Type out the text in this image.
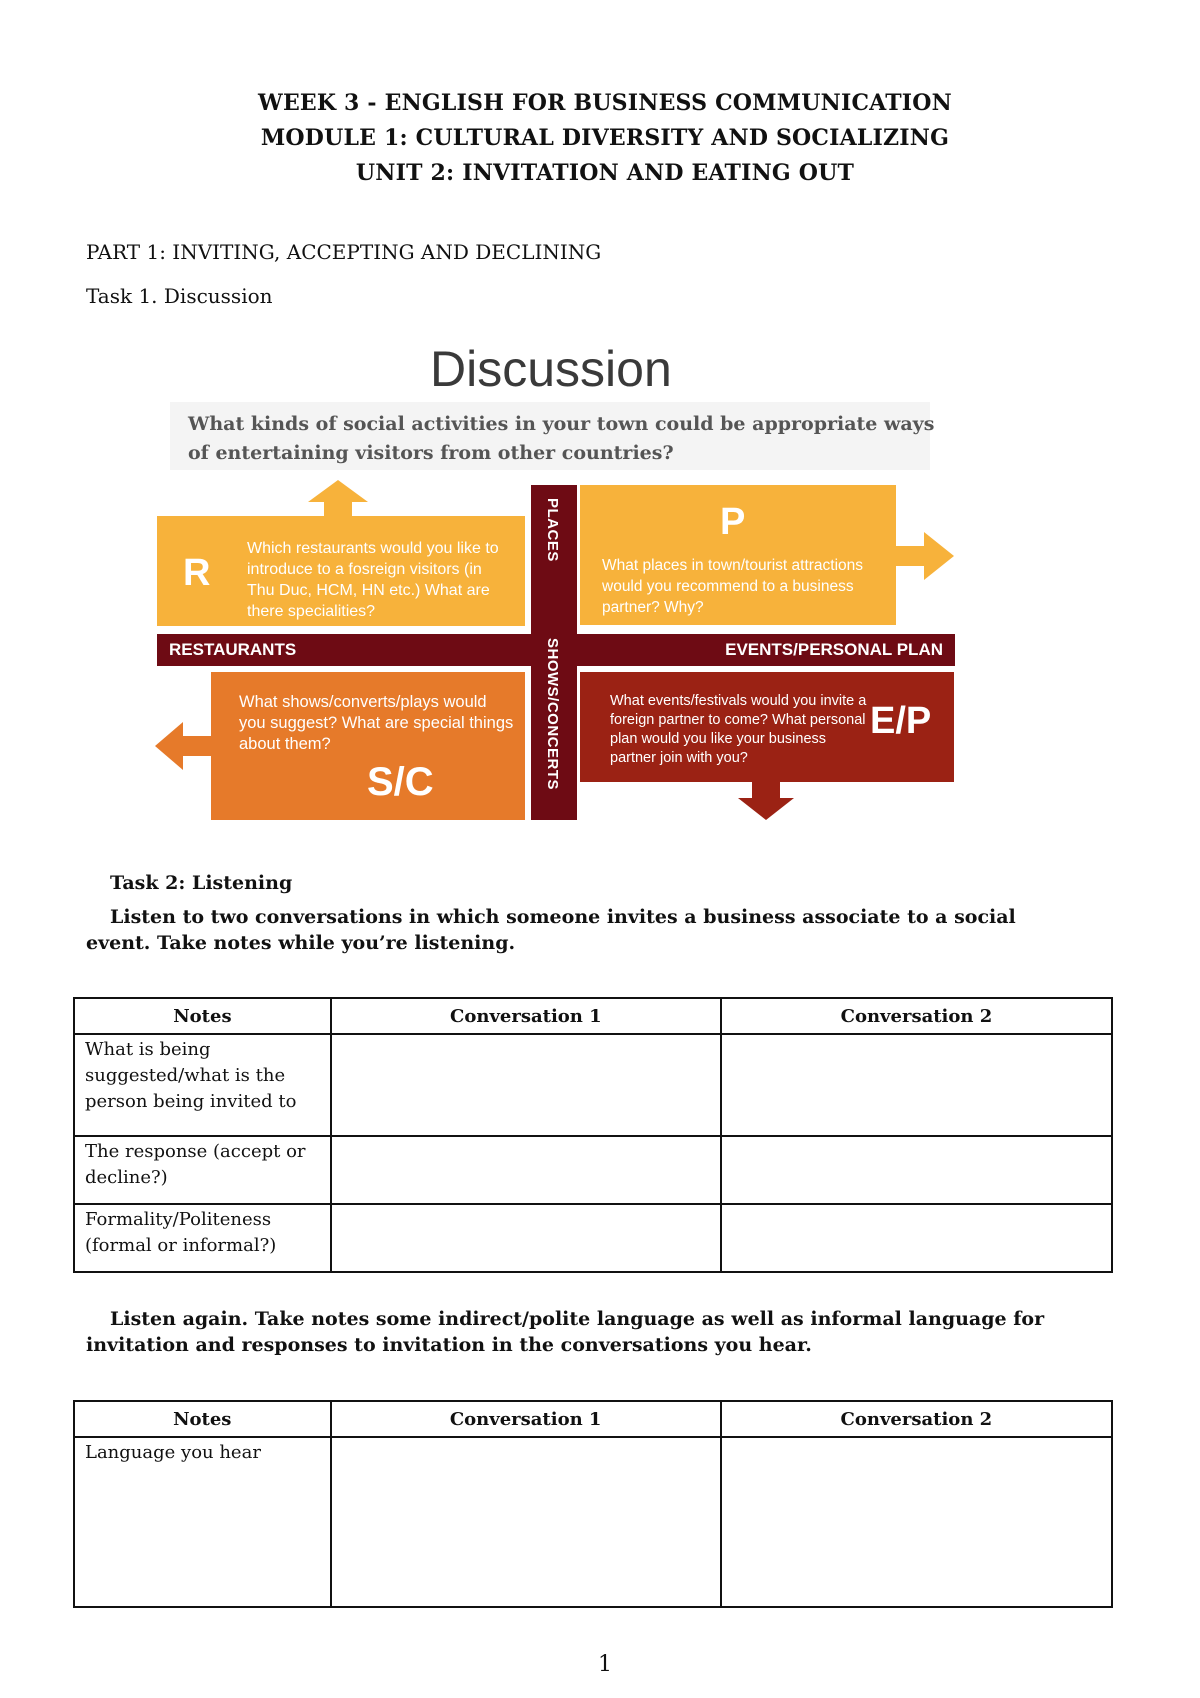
WEEK 3 - ENGLISH FOR BUSINESS COMMUNICATION
MODULE 1: CULTURAL DIVERSITY AND SOCIALIZING
UNIT 2: INVITATION AND EATING OUT
PART 1: INVITING, ACCEPTING AND DECLINING
Task 1. Discussion
Discussion
What kinds of social activities in your town could be appropriate ways of entertaining visitors from other countries?
R
Which restaurants would you like to introduce to a fosreign visitors (in Thu Duc, HCM, HN etc.) What are there specialities?
P
What places in town/tourist attractions would you recommend to a business partner? Why?
RESTAURANTS	EVENTS/PERSONAL PLAN
PLACES
SHOWS/CONCERTS
What shows/converts/plays would you suggest? What are special things about them?
S/C
What events/festivals would you invite a foreign partner to come? What personal plan would you like your business partner join with you?
E/P
Task 2: Listening
Listen to two conversations in which someone invites a business associate to a social event. Take notes while you’re listening.
Notes	Conversation 1	Conversation 2
What is being suggested/what is the person being invited to		
The response (accept or decline?)		
Formality/Politeness (formal or informal?)		
Listen again. Take notes some indirect/polite language as well as informal language for invitation and responses to invitation in the conversations you hear.
Notes	Conversation 1	Conversation 2
Language you hear		
1
